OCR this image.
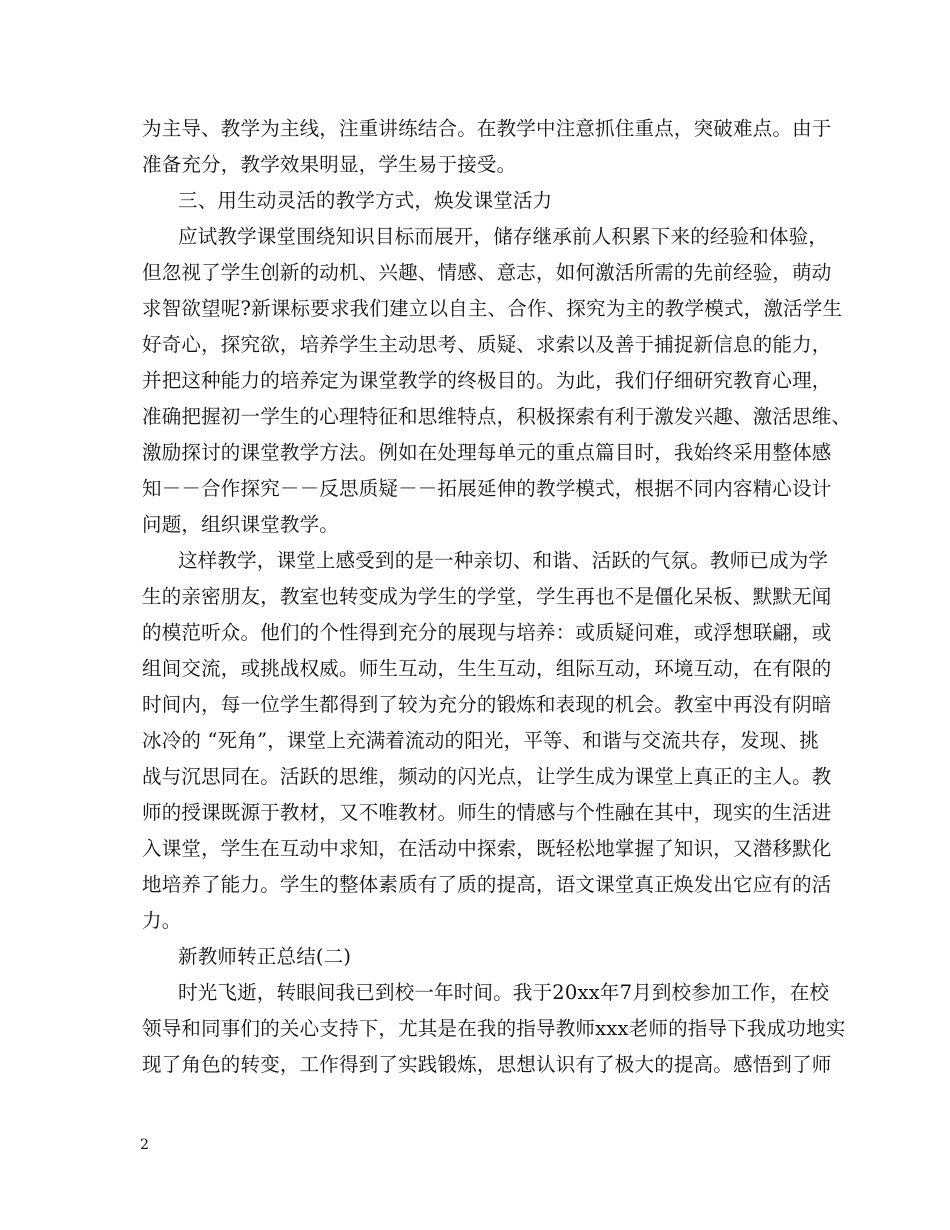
为主导、教学为主线，注重讲练结合。在教学中注意抓住重点，突破难点。由于
准备充分，教学效果明显，学生易于接受。
三、用生动灵活的教学方式，焕发课堂活力
应试教学课堂围绕知识目标而展开，储存继承前人积累下来的经验和体验，
但忽视了学生创新的动机、兴趣、情感、意志，如何激活所需的先前经验，萌动
求智欲望呢?新课标要求我们建立以自主、合作、探究为主的教学模式，激活学生
好奇心，探究欲，培养学生主动思考、质疑、求索以及善于捕捉新信息的能力，
并把这种能力的培养定为课堂教学的终极目的。为此，我们仔细研究教育心理，
准确把握初一学生的心理特征和思维特点，积极探索有利于激发兴趣、激活思维、
激励探讨的课堂教学方法。例如在处理每单元的重点篇目时，我始终采用整体感
知－－合作探究－－反思质疑－－拓展延伸的教学模式，根据不同内容精心设计
问题，组织课堂教学。
这样教学，课堂上感受到的是一种亲切、和谐、活跃的气氛。教师已成为学
生的亲密朋友，教室也转变成为学生的学堂，学生再也不是僵化呆板、默默无闻
的模范听众。他们的个性得到充分的展现与培养：或质疑问难，或浮想联翩，或
组间交流，或挑战权威。师生互动，生生互动，组际互动，环境互动，在有限的
时间内，每一位学生都得到了较为充分的锻炼和表现的机会。教室中再没有阴暗
冰冷的 “死角”，课堂上充满着流动的阳光，平等、和谐与交流共存，发现、挑
战与沉思同在。活跃的思维，频动的闪光点，让学生成为课堂上真正的主人。教
师的授课既源于教材，又不唯教材。师生的情感与个性融在其中，现实的生活进
入课堂，学生在互动中求知，在活动中探索，既轻松地掌握了知识，又潜移默化
地培养了能力。学生的整体素质有了质的提高，语文课堂真正焕发出它应有的活
力。
新教师转正总结(二)
时光飞逝，转眼间我已到校一年时间。我于20xx年7月到校参加工作，在校
领导和同事们的关心支持下，尤其是在我的指导教师xxx老师的指导下我成功地实
现了角色的转变，工作得到了实践锻炼，思想认识有了极大的提高。感悟到了师
2
